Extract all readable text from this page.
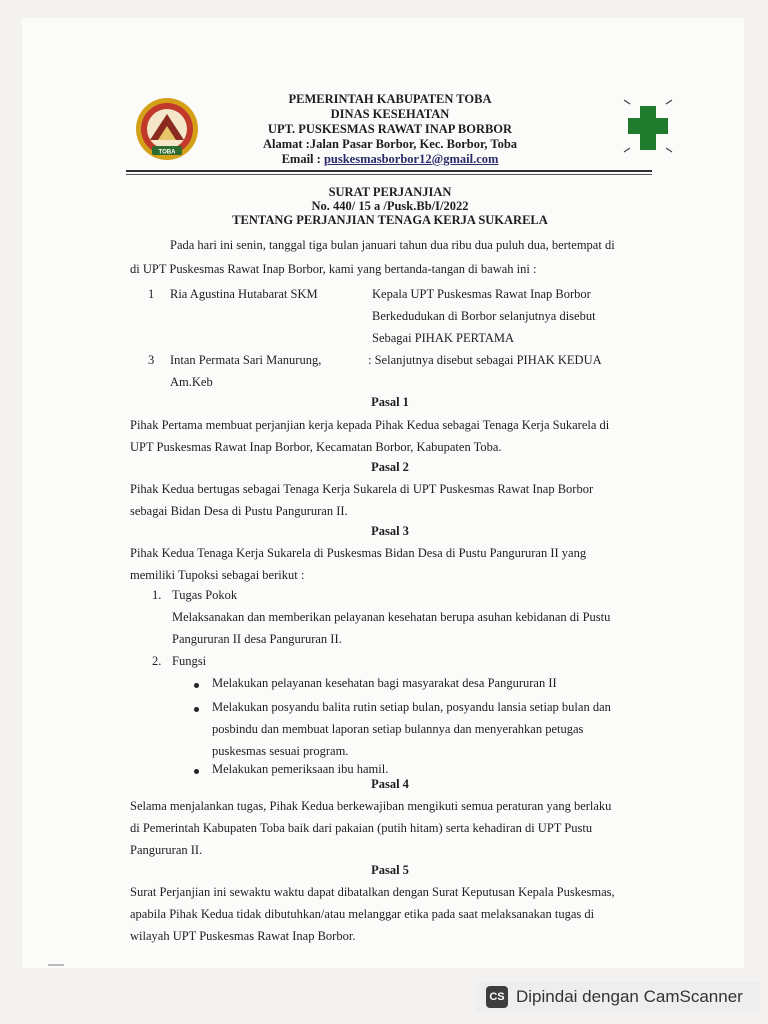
TOBA
PEMERINTAH KABUPATEN TOBA
DINAS KESEHATAN
UPT. PUSKESMAS RAWAT INAP BORBOR
Alamat :Jalan Pasar Borbor, Kec. Borbor, Toba
Email : puskesmasborbor12@gmail.com
SURAT PERJANJIAN
No. 440/ 15 a /Pusk.Bb/I/2022
TENTANG PERJANJIAN TENAGA KERJA SUKARELA
Pada hari ini senin, tanggal tiga bulan januari tahun dua ribu dua puluh dua, bertempat di
di UPT Puskesmas Rawat Inap Borbor, kami yang bertanda-tangan di bawah ini :
1 Ria Agustina Hutabarat SKM	Kepala UPT Puskesmas Rawat Inap Borbor
Berkedudukan di Borbor selanjutnya disebut
Sebagai PIHAK PERTAMA
3 Intan Permata Sari Manurung,
Am.Keb
: Selanjutnya disebut sebagai PIHAK KEDUA
Pasal 1
Pihak Pertama membuat perjanjian kerja kepada Pihak Kedua sebagai Tenaga Kerja Sukarela di
UPT Puskesmas Rawat Inap Borbor, Kecamatan Borbor, Kabupaten Toba.
Pasal 2
Pihak Kedua bertugas sebagai Tenaga Kerja Sukarela di UPT Puskesmas Rawat Inap Borbor
sebagai Bidan Desa di Pustu Pangururan II.
Pasal 3
Pihak Kedua Tenaga Kerja Sukarela di Puskesmas Bidan Desa di Pustu Pangururan II yang
memiliki Tupoksi sebagai berikut :
1. Tugas Pokok
Melaksanakan dan memberikan pelayanan kesehatan berupa asuhan kebidanan di Pustu
Pangururan II desa Pangururan II.
2. Fungsi
Melakukan pelayanan kesehatan bagi masyarakat desa Pangururan II
Melakukan posyandu balita rutin setiap bulan, posyandu lansia setiap bulan dan
posbindu dan membuat laporan setiap bulannya dan menyerahkan petugas
puskesmas sesuai program.
Melakukan pemeriksaan ibu hamil.
Pasal 4
Selama menjalankan tugas, Pihak Kedua berkewajiban mengikuti semua peraturan yang berlaku
di Pemerintah Kabupaten Toba baik dari pakaian (putih hitam) serta kehadiran di UPT Pustu
Pangururan II.
Pasal 5
Surat Perjanjian ini sewaktu waktu dapat dibatalkan dengan Surat Keputusan Kepala Puskesmas,
apabila Pihak Kedua tidak dibutuhkan/atau melanggar etika pada saat melaksanakan tugas di
wilayah UPT Puskesmas Rawat Inap Borbor.
CS Dipindai dengan CamScanner
